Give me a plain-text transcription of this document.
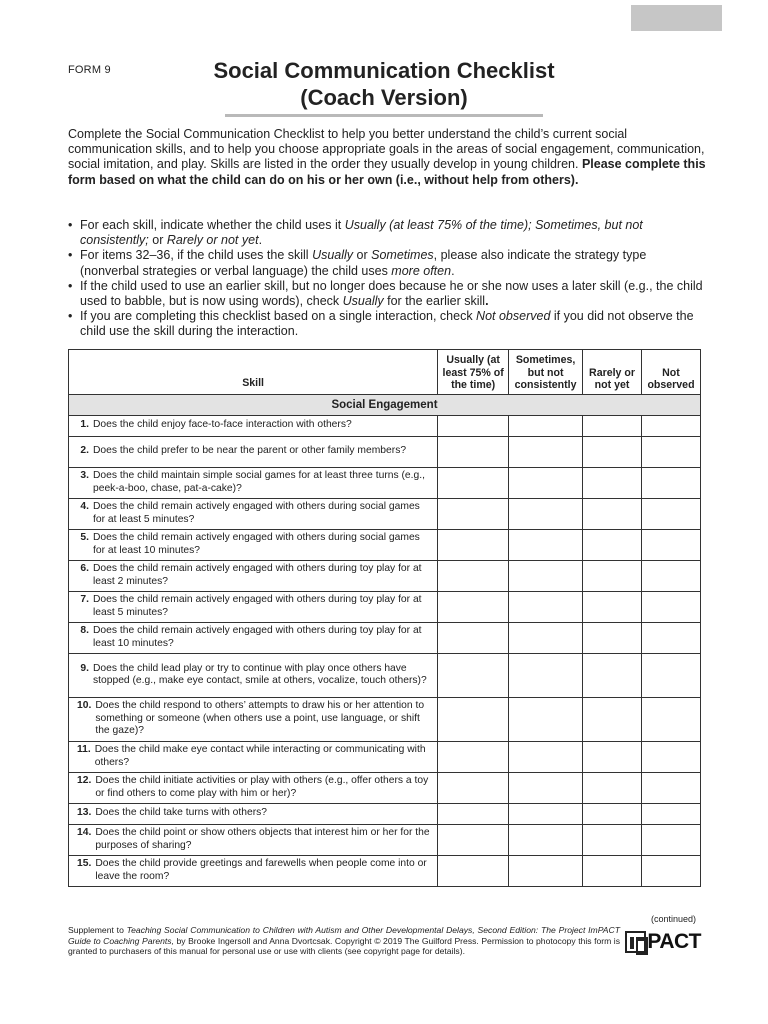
FORM 9	Social Communication Checklist
(Coach Version)
Complete the Social Communication Checklist to help you better understand the child’s current social communication skills, and to help you choose appropriate goals in the areas of social engagement, communication, social imitation, and play. Skills are listed in the order they usually develop in young children. Please complete this form based on what the child can do on his or her own (i.e., without help from others).
• For each skill, indicate whether the child uses it Usually (at least 75% of the time); Sometimes, but not consistently; or Rarely or not yet.
• For items 32–36, if the child uses the skill Usually or Sometimes, please also indicate the strategy type (nonverbal strategies or verbal language) the child uses more often.
• If the child used to use an earlier skill, but no longer does because he or she now uses a later skill (e.g., the child used to babble, but is now using words), check Usually for the earlier skill.
• If you are completing this checklist based on a single interaction, check Not observed if you did not observe the child use the skill during the interaction.
Skill	Usually (at least 75% of the time)	Sometimes, but not consistently	Rarely or not yet	Not observed
Social Engagement				

1. Does the child enjoy face-to-face interaction with others?				

2. Does the child prefer to be near the parent or other family members?				

3. Does the child maintain simple social games for at least three turns (e.g., peek-a-boo, chase, pat-a-cake)?				

4. Does the child remain actively engaged with others during social games for at least 5 minutes?				

5. Does the child remain actively engaged with others during social games for at least 10 minutes?				

6. Does the child remain actively engaged with others during toy play for at least 2 minutes?				

7. Does the child remain actively engaged with others during toy play for at least 5 minutes?				

8. Does the child remain actively engaged with others during toy play for at least 10 minutes?				

9. Does the child lead play or try to continue with play once others have stopped (e.g., make eye contact, smile at others, vocalize, touch others)?				

10. Does the child respond to others’ attempts to draw his or her attention to something or someone (when others use a point, use language, or shift the gaze)?				

11. Does the child make eye contact while interacting or communicating with others?				

12. Does the child initiate activities or play with others (e.g., offer others a toy or find others to come play with him or her)?				

13. Does the child take turns with others?				

14. Does the child point or show others objects that interest him or her for the purposes of sharing?				

15. Does the child provide greetings and farewells when people come into or leave the room?				

(continued)
Supplement to Teaching Social Communication to Children with Autism and Other Developmental Delays, Second Edition: The Project ImPACT Guide to Coaching Parents, by Brooke Ingersoll and Anna Dvortcsak. Copyright © 2019 The Guilford Press. Permission to photocopy this form is granted to purchasers of this manual for personal use or use with clients (see copyright page for details).	PACT
